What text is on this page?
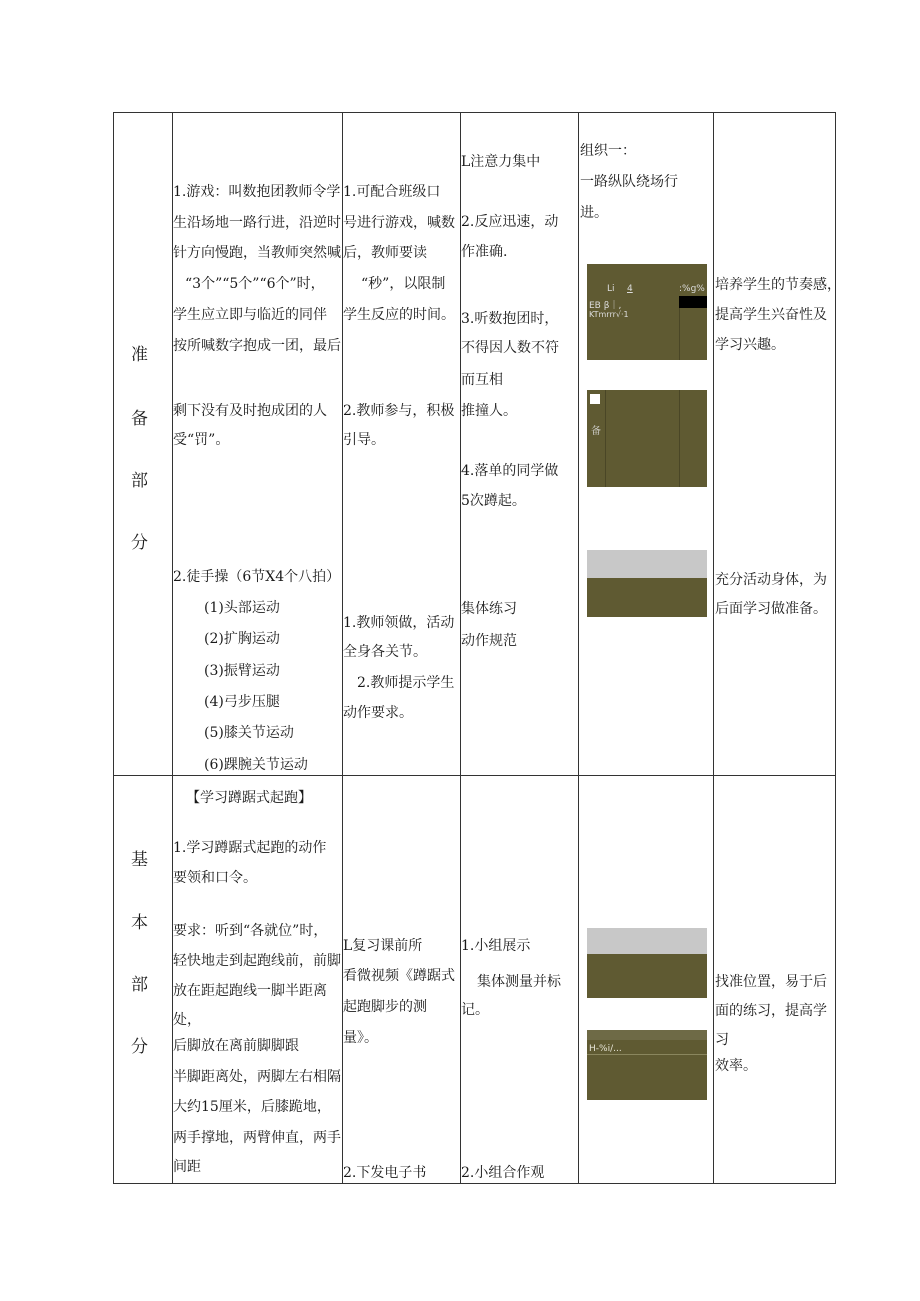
准
备
部
分
基
本
部
分
1.游戏：叫数抱团教师令学
生沿场地一路行进，沿逆时
针方向慢跑，当教师突然喊
“3个”“5个”“6个”时，
学生应立即与临近的同伴
按所喊数字抱成一团，最后
剩下没有及时抱成团的人
受“罚”。
2.徒手操（6节X4个八拍）
(1)头部运动
(2)扩胸运动
(3)振臂运动
(4)弓步压腿
(5)膝关节运动
(6)踝腕关节运动
1.可配合班级口
号进行游戏，喊数
后，教师要读
“秒”，以限制
学生反应的时间。
2.教师参与，积极
引导。
1.教师领做，活动
全身各关节。
2.教师提示学生
动作要求。
L注意力集中
2.反应迅速，动
作准确.
3.听数抱团时，
不得因人数不符
而互相
推撞人。
4.落单的同学做
5次蹲起。
集体练习
动作规范
组织一：
一路纵队绕场行
进。
Li 4	:%g%
EB β｜,
KTmrrr√·1
备
培养学生的节奏感，
提高学生兴奋性及
学习兴趣。
充分活动身体，为
后面学习做准备。
【学习蹲踞式起跑】
1.学习蹲踞式起跑的动作
要领和口令。
要求：听到“各就位”时，
轻快地走到起跑线前，前脚
放在距起跑线一脚半距离
处，
后脚放在离前脚脚跟
半脚距离处，两脚左右相隔
大约15厘米，后膝跪地，
两手撑地，两臂伸直，两手
间距
L复习课前所
看微视频《蹲踞式
起跑脚步的测
量》。
2.下发电子书
1.小组展示
集体测量并标
记。
2.小组合作观
H-%i/...
找准位置，易于后
面的练习，提高学
习
效率。
